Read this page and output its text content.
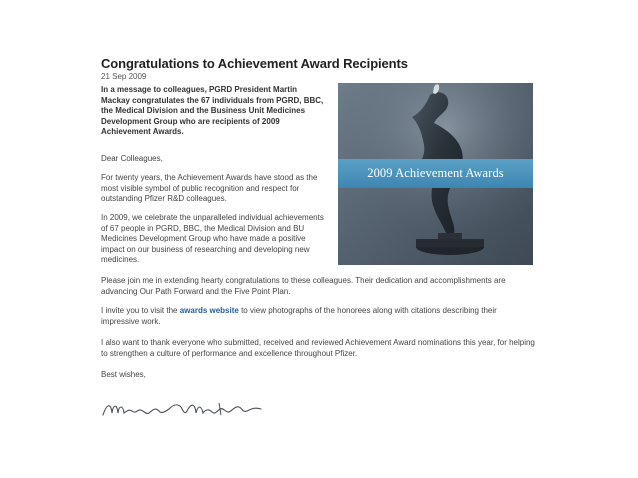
Congratulations to Achievement Award Recipients
21 Sep 2009
In a message to colleagues, PGRD President Martin Mackay congratulates the 67 individuals from PGRD, BBC, the Medical Division and the Business Unit Medicines Development Group who are recipients of 2009 Achievement Awards.
Dear Colleagues,
For twenty years, the Achievement Awards have stood as the most visible symbol of public recognition and respect for outstanding Pfizer R&D colleagues.
In 2009, we celebrate the unparalleled individual achievements of 67 people in PGRD, BBC, the Medical Division and BU Medicines Development Group who have made a positive impact on our business of researching and developing new medicines.
2009 Achievement Awards
Please join me in extending hearty congratulations to these colleagues. Their dedication and accomplishments are advancing Our Path Forward and the Five Point Plan.
I invite you to visit the awards website to view photographs of the honorees along with citations describing their impressive work.
I also want to thank everyone who submitted, received and reviewed Achievement Award nominations this year, for helping to strengthen a culture of performance and excellence throughout Pfizer.
Best wishes,
